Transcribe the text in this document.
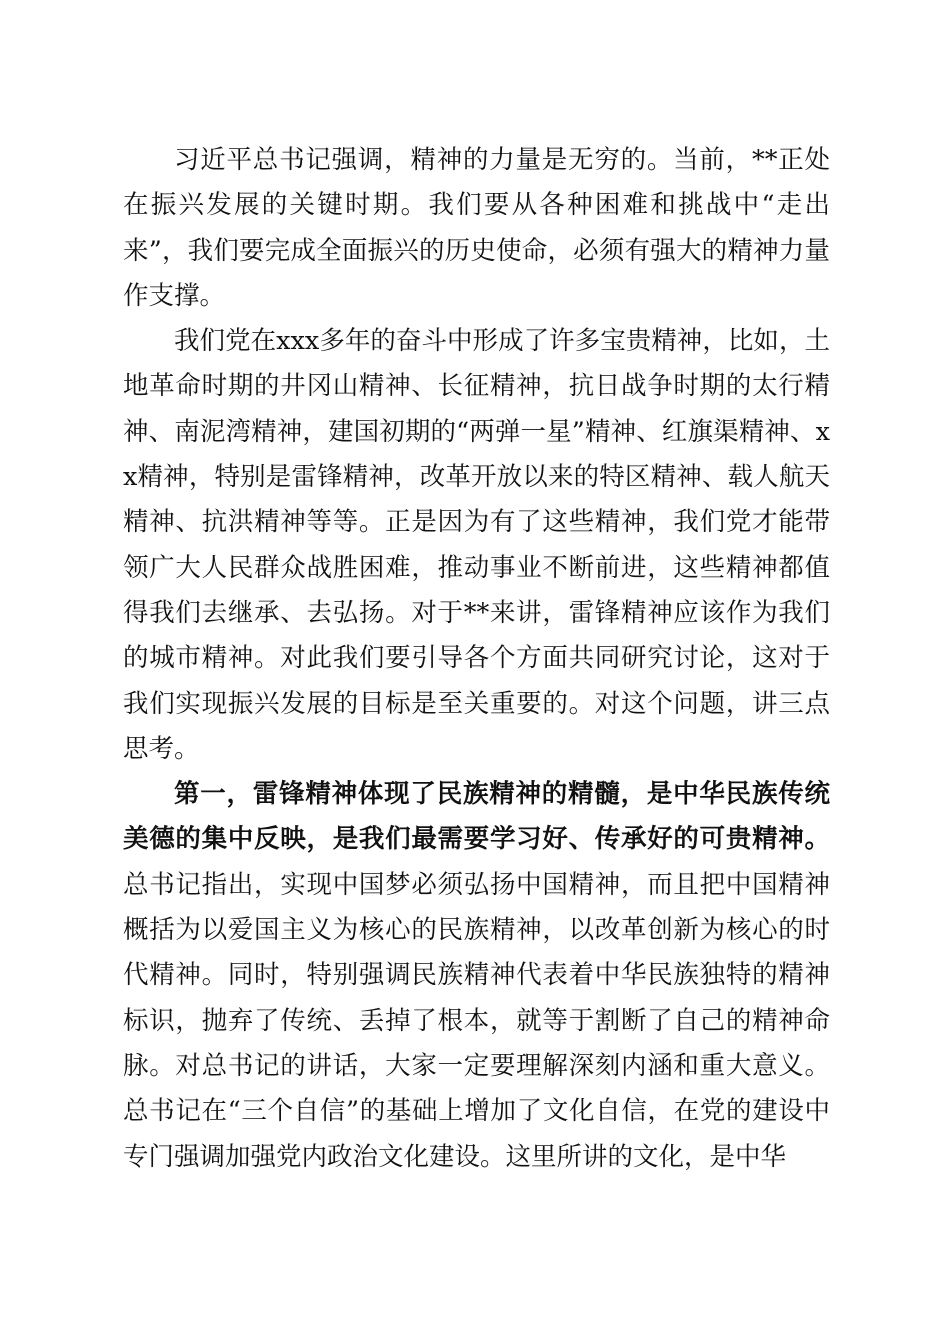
习近平总书记强调，精神的力量是无穷的。当前，**正处在振兴发展的关键时期。我们要从各种困难和挑战中“走出来”，我们要完成全面振兴的历史使命，必须有强大的精神力量作支撑。

我们党在xxx多年的奋斗中形成了许多宝贵精神，比如，土地革命时期的井冈山精神、长征精神，抗日战争时期的太行精神、南泥湾精神，建国初期的“两弹一星”精神、红旗渠精神、xx精神，特别是雷锋精神，改革开放以来的特区精神、载人航天精神、抗洪精神等等。正是因为有了这些精神，我们党才能带领广大人民群众战胜困难，推动事业不断前进，这些精神都值得我们去继承、去弘扬。对于**来讲，雷锋精神应该作为我们的城市精神。对此我们要引导各个方面共同研究讨论，这对于我们实现振兴发展的目标是至关重要的。对这个问题，讲三点思考。

第一，雷锋精神体现了民族精神的精髓，是中华民族传统美德的集中反映，是我们最需要学习好、传承好的可贵精神。总书记指出，实现中国梦必须弘扬中国精神，而且把中国精神概括为以爱国主义为核心的民族精神，以改革创新为核心的时代精神。同时，特别强调民族精神代表着中华民族独特的精神标识，抛弃了传统、丢掉了根本，就等于割断了自己的精神命脉。对总书记的讲话，大家一定要理解深刻内涵和重大意义。总书记在“三个自信”的基础上增加了文化自信，在党的建设中专门强调加强党内政治文化建设。这里所讲的文化，是中华
